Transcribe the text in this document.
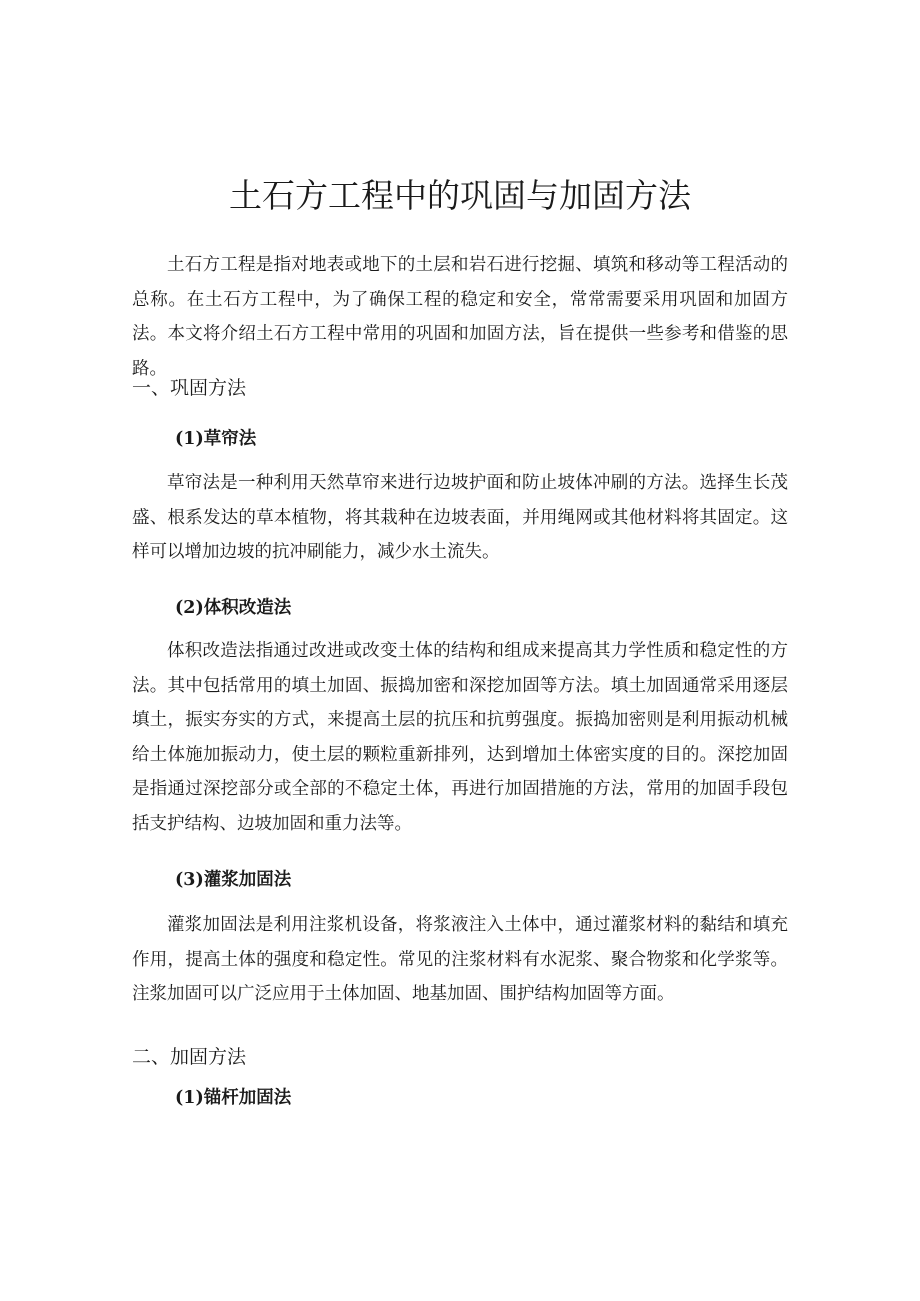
土石方工程中的巩固与加固方法

土石方工程是指对地表或地下的土层和岩石进行挖掘、填筑和移动等工程活动的总称。在土石方工程中，为了确保工程的稳定和安全，常常需要采用巩固和加固方法。本文将介绍土石方工程中常用的巩固和加固方法，旨在提供一些参考和借鉴的思路。

一、巩固方法
(1)草帘法

草帘法是一种利用天然草帘来进行边坡护面和防止坡体冲刷的方法。选择生长茂盛、根系发达的草本植物，将其栽种在边坡表面，并用绳网或其他材料将其固定。这样可以增加边坡的抗冲刷能力，减少水土流失。

(2)体积改造法

体积改造法指通过改进或改变土体的结构和组成来提高其力学性质和稳定性的方法。其中包括常用的填土加固、振捣加密和深挖加固等方法。填土加固通常采用逐层填土，振实夯实的方式，来提高土层的抗压和抗剪强度。振捣加密则是利用振动机械给土体施加振动力，使土层的颗粒重新排列，达到增加土体密实度的目的。深挖加固是指通过深挖部分或全部的不稳定土体，再进行加固措施的方法，常用的加固手段包括支护结构、边坡加固和重力法等。

(3)灌浆加固法

灌浆加固法是利用注浆机设备，将浆液注入土体中，通过灌浆材料的黏结和填充作用，提高土体的强度和稳定性。常见的注浆材料有水泥浆、聚合物浆和化学浆等。注浆加固可以广泛应用于土体加固、地基加固、围护结构加固等方面。

二、加固方法
(1)锚杆加固法
